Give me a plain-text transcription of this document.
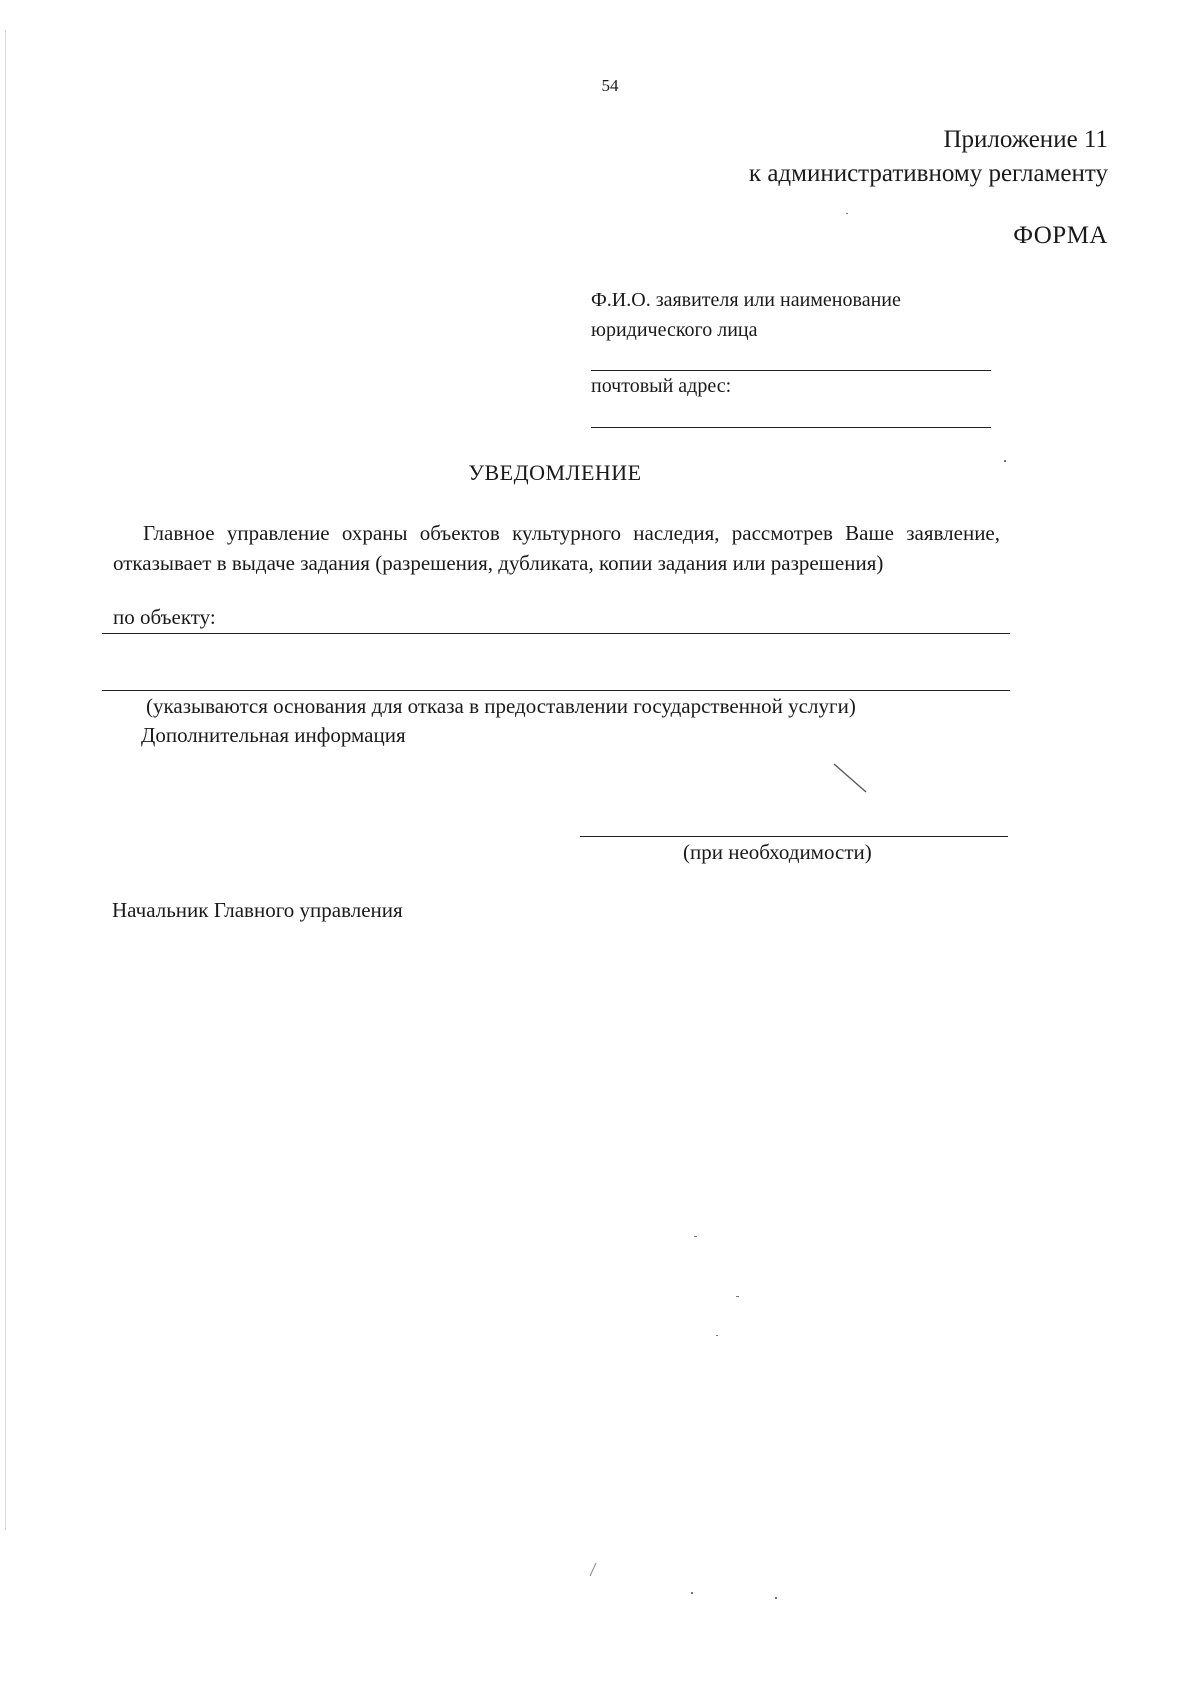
54
Приложение 11
к административному регламенту
ФОРМА
Ф.И.О. заявителя или наименование юридического лица
почтовый адрес:
УВЕДОМЛЕНИЕ
Главное управление охраны объектов культурного наследия, рассмотрев Ваше заявление, отказывает в выдаче задания (разрешения, дубликата, копии задания или разрешения)
по объекту:
(указываются основания для отказа в предоставлении государственной услуги)
Дополнительная информация
(при необходимости)
Начальник Главного управления
